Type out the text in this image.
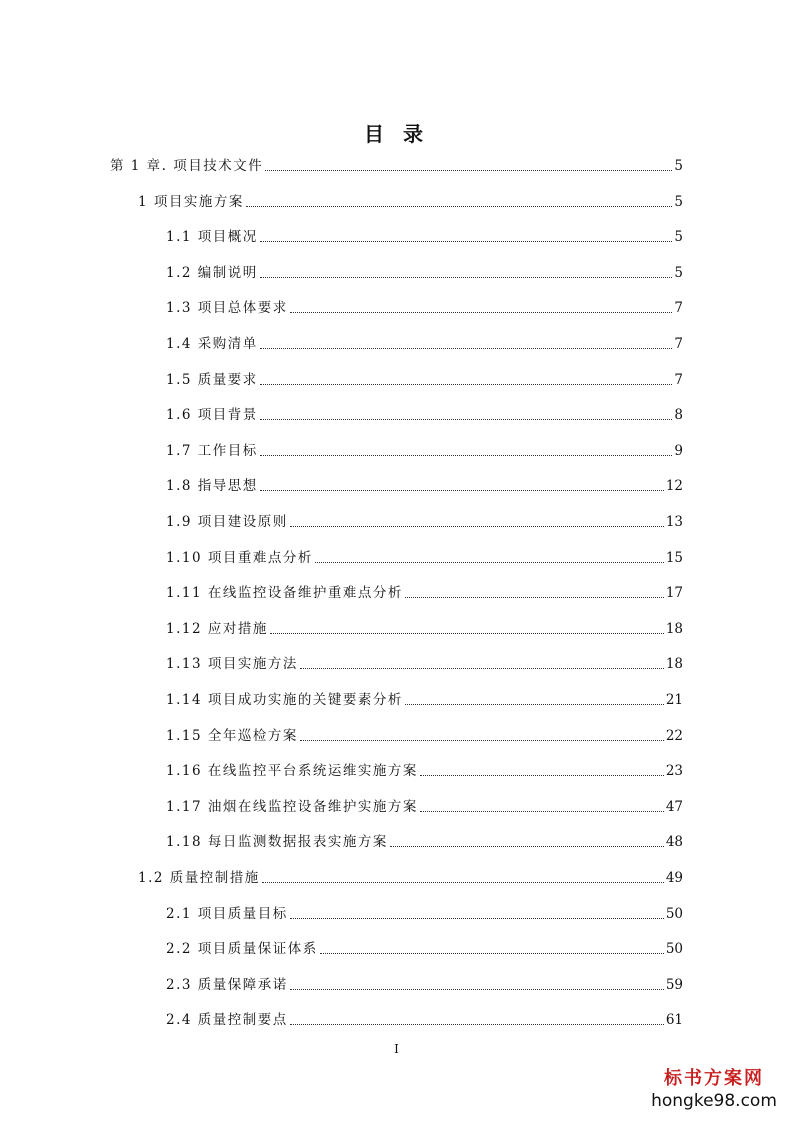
目 录
第 1 章. 项目技术文件	5
1 项目实施方案	5
1.1 项目概况	5
1.2 编制说明	5
1.3 项目总体要求	7
1.4 采购清单	7
1.5 质量要求	7
1.6 项目背景	8
1.7 工作目标	9
1.8 指导思想	12
1.9 项目建设原则	13
1.10 项目重难点分析	15
1.11 在线监控设备维护重难点分析	17
1.12 应对措施	18
1.13 项目实施方法	18
1.14 项目成功实施的关键要素分析	21
1.15 全年巡检方案	22
1.16 在线监控平台系统运维实施方案	23
1.17 油烟在线监控设备维护实施方案	47
1.18 每日监测数据报表实施方案	48
1.2 质量控制措施	49
2.1 项目质量目标	50
2.2 项目质量保证体系	50
2.3 质量保障承诺	59
2.4 质量控制要点	61
I
标书方案网
hongke98.com
